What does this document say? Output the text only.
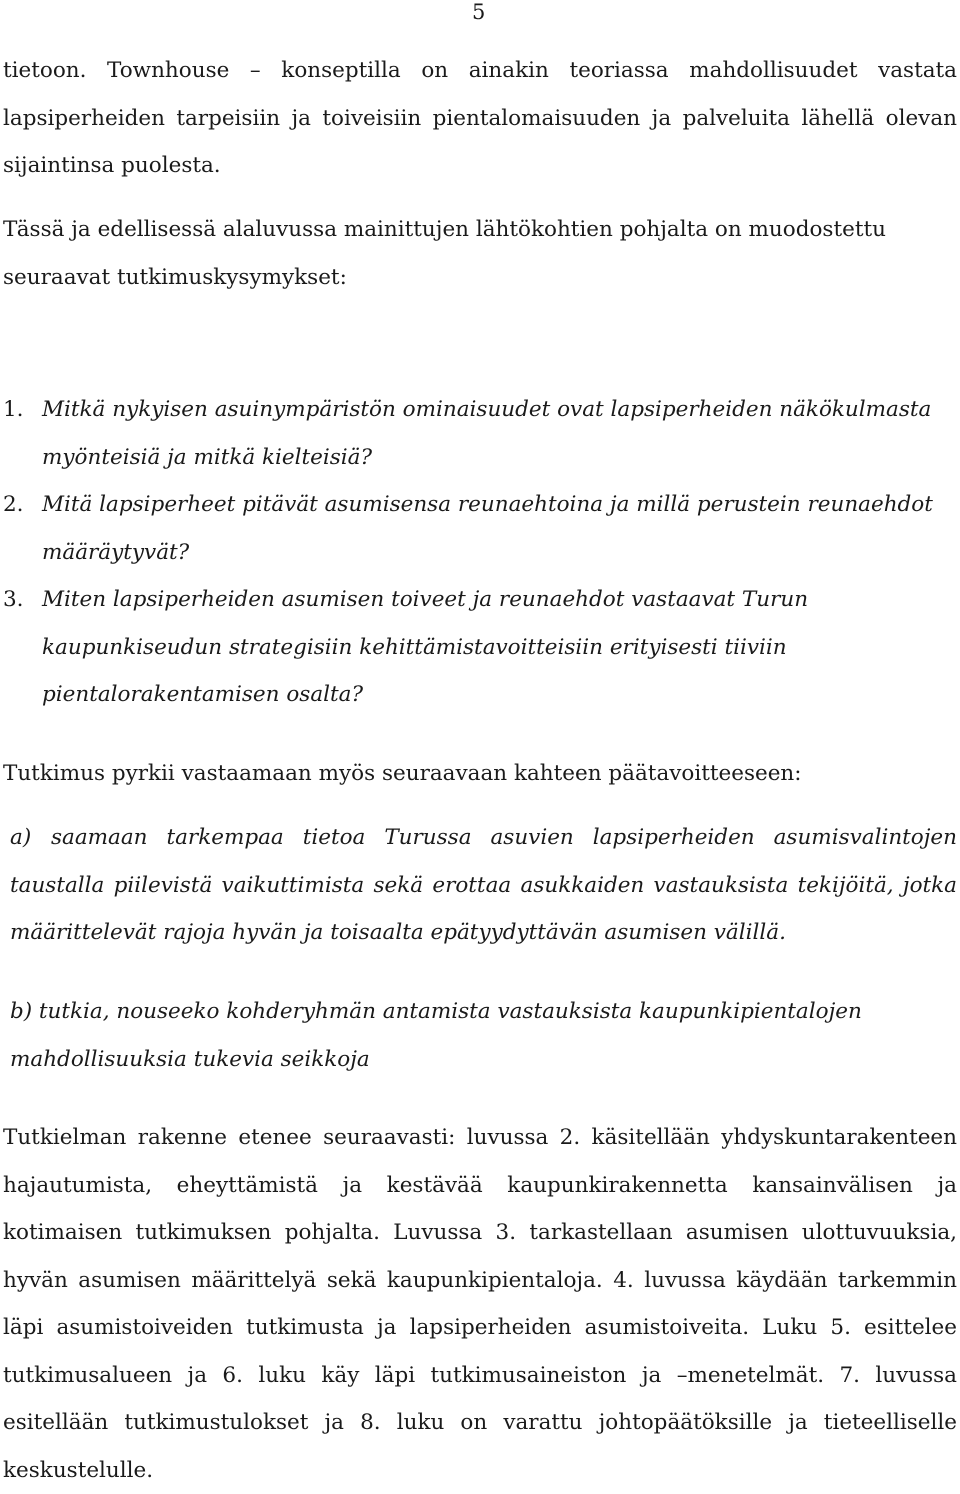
5

tietoon. Townhouse – konseptilla on ainakin teoriassa mahdollisuudet vastata lapsiperheiden tarpeisiin ja toiveisiin pientalomaisuuden ja palveluita lähellä olevan sijaintinsa puolesta.

Tässä ja edellisessä alaluvussa mainittujen lähtökohtien pohjalta on muodostettu seuraavat tutkimuskysymykset:

1. Mitkä nykyisen asuinympäristön ominaisuudet ovat lapsiperheiden näkökulmasta myönteisiä ja mitkä kielteisiä?
2. Mitä lapsiperheet pitävät asumisensa reunaehtoina ja millä perustein reunaehdot määräytyvät?
3. Miten lapsiperheiden asumisen toiveet ja reunaehdot vastaavat Turun kaupunkiseudun strategisiin kehittämistavoitteisiin erityisesti tiiviin pientalorakentamisen osalta?

Tutkimus pyrkii vastaamaan myös seuraavaan kahteen päätavoitteeseen:

a) saamaan tarkempaa tietoa Turussa asuvien lapsiperheiden asumisvalintojen taustalla piilevistä vaikuttimista sekä erottaa asukkaiden vastauksista tekijöitä, jotka määrittelevät rajoja hyvän ja toisaalta epätyydyttävän asumisen välillä.

b) tutkia, nouseeko kohderyhmän antamista vastauksista kaupunkipientalojen mahdollisuuksia tukevia seikkoja

Tutkielman rakenne etenee seuraavasti: luvussa 2. käsitellään yhdyskuntarakenteen hajautumista, eheyttämistä ja kestävää kaupunkirakennetta kansainvälisen ja kotimaisen tutkimuksen pohjalta. Luvussa 3. tarkastellaan asumisen ulottuvuuksia, hyvän asumisen määrittelyä sekä kaupunkipientaloja. 4. luvussa käydään tarkemmin läpi asumistoiveiden tutkimusta ja lapsiperheiden asumistoiveita. Luku 5. esittelee tutkimusalueen ja 6. luku käy läpi tutkimusaineiston ja –menetelmät. 7. luvussa esitellään tutkimustulokset ja 8. luku on varattu johtopäätöksille ja tieteelliselle keskustelulle.
